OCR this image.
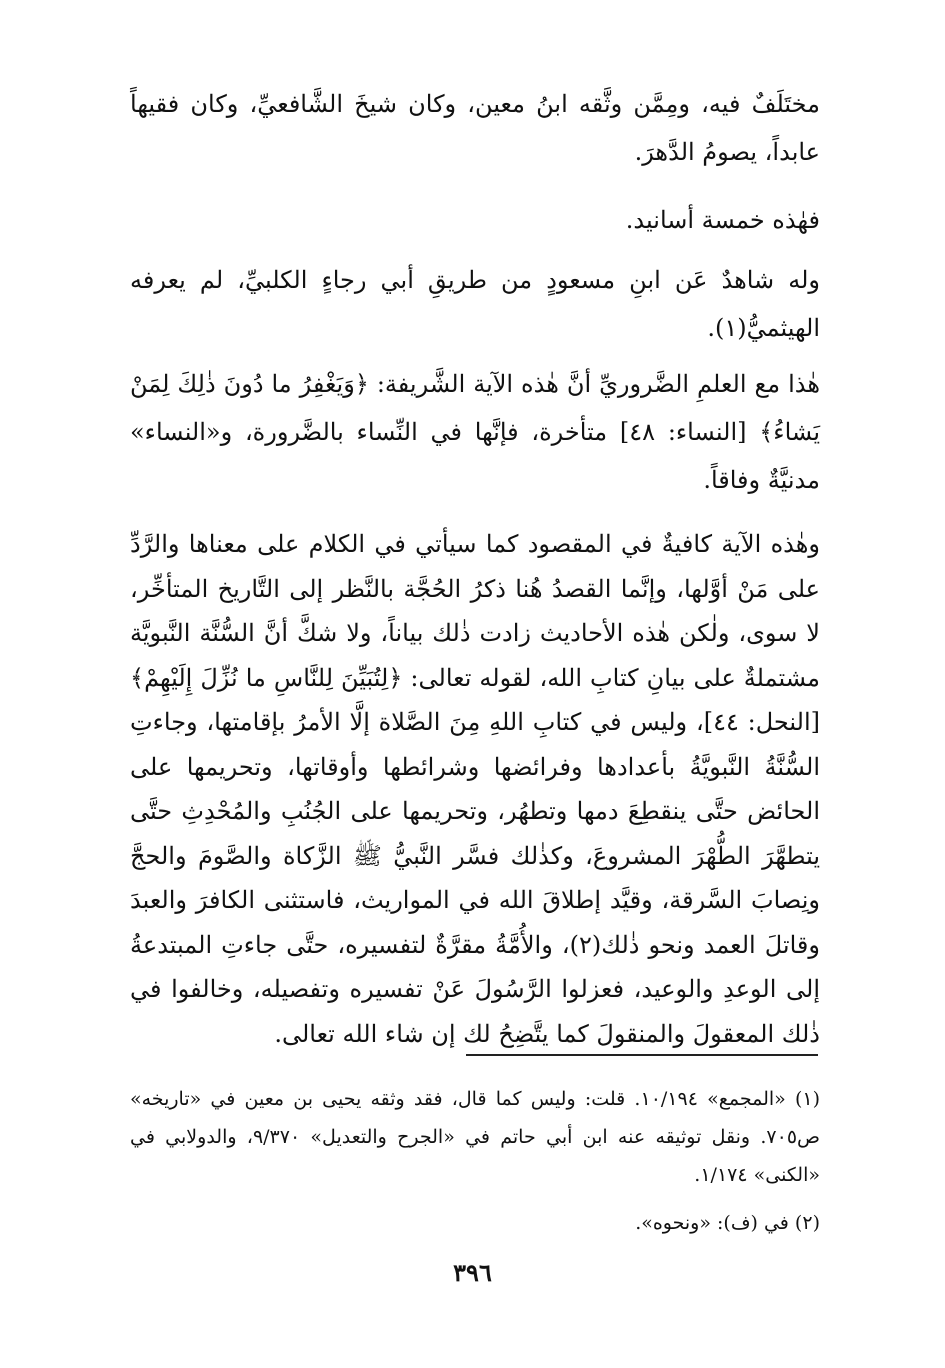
مختَلَفٌ فيه، ومِمَّن وثَّقه ابنُ معين، وكان شيخَ الشَّافعيِّ، وكان فقيهاً عابداً، يصومُ الدَّهرَ.

فهٰذه خمسة أسانيد.

وله شاهدٌ عَن ابنِ مسعودٍ من طريقِ أبي رجاءٍ الكلبيِّ، لم يعرفه الهيثميُّ(١).

هٰذا مع العلمِ الضَّروريِّ أنَّ هٰذه الآية الشَّريفة: ﴿وَيَغْفِرُ ما دُونَ ذٰلِكَ لِمَنْ يَشاءُ﴾ [النساء: ٤٨] متأخرة، فإنَّها في النِّساء بالضَّرورة، و«النساء» مدنيَّةٌ وفاقاً.

وهٰذه الآية كافيةٌ في المقصود كما سيأتي في الكلام على معناها والرَّدِّ على مَنْ أوَّلها، وإنَّما القصدُ هُنا ذكرُ الحُجَّة بالنَّظر إلى التَّاريخ المتأخِّر، لا سوى، ولٰكن هٰذه الأحاديث زادت ذٰلك بياناً، ولا شكَّ أنَّ السُّنَّة النَّبويَّة مشتملةٌ على بيانِ كتابِ الله، لقوله تعالى: ﴿لِتُبَيِّنَ لِلنَّاسِ ما نُزِّلَ إِلَيْهِمْ﴾ [النحل: ٤٤]، وليس في كتابِ اللهِ مِنَ الصَّلاة إلَّا الأمرُ بإقامتها، وجاءتِ السُّنَّةُ النَّبويَّةُ بأعدادها وفرائضها وشرائطها وأوقاتها، وتحريمها على الحائض حتَّى ينقطِعَ دمها وتطهُر، وتحريمها على الجُنُبِ والمُحْدِثِ حتَّى يتطهَّرَ الطُّهْرَ المشروعَ، وكذٰلك فسَّر النَّبيُّ ﷺ الزَّكاة والصَّومَ والحجَّ ونِصابَ السَّرقة، وقيَّد إطلاقَ الله في المواريث، فاستثنى الكافرَ والعبدَ وقاتلَ العمد ونحو ذٰلك(٢)، والأُمَّةُ مقرَّةٌ لتفسيره، حتَّى جاءتِ المبتدعةُ إلى الوعدِ والوعيد، فعزلوا الرَّسُولَ عَنْ تفسيره وتفصيله، وخالفوا في ذٰلك المعقولَ والمنقولَ كما يتَّضِحُ لك إن شاء الله تعالى.

(١) «المجمع» ١٠/١٩٤. قلت: وليس كما قال، فقد وثقه يحيى بن معين في «تاريخه» ص٧٠٥. ونقل توثيقه عنه ابن أبي حاتم في «الجرح والتعديل» ٩/٣٧٠، والدولابي في «الكنى» ١/١٧٤.

(٢) في (ف): «ونحوه».

٣٩٦
